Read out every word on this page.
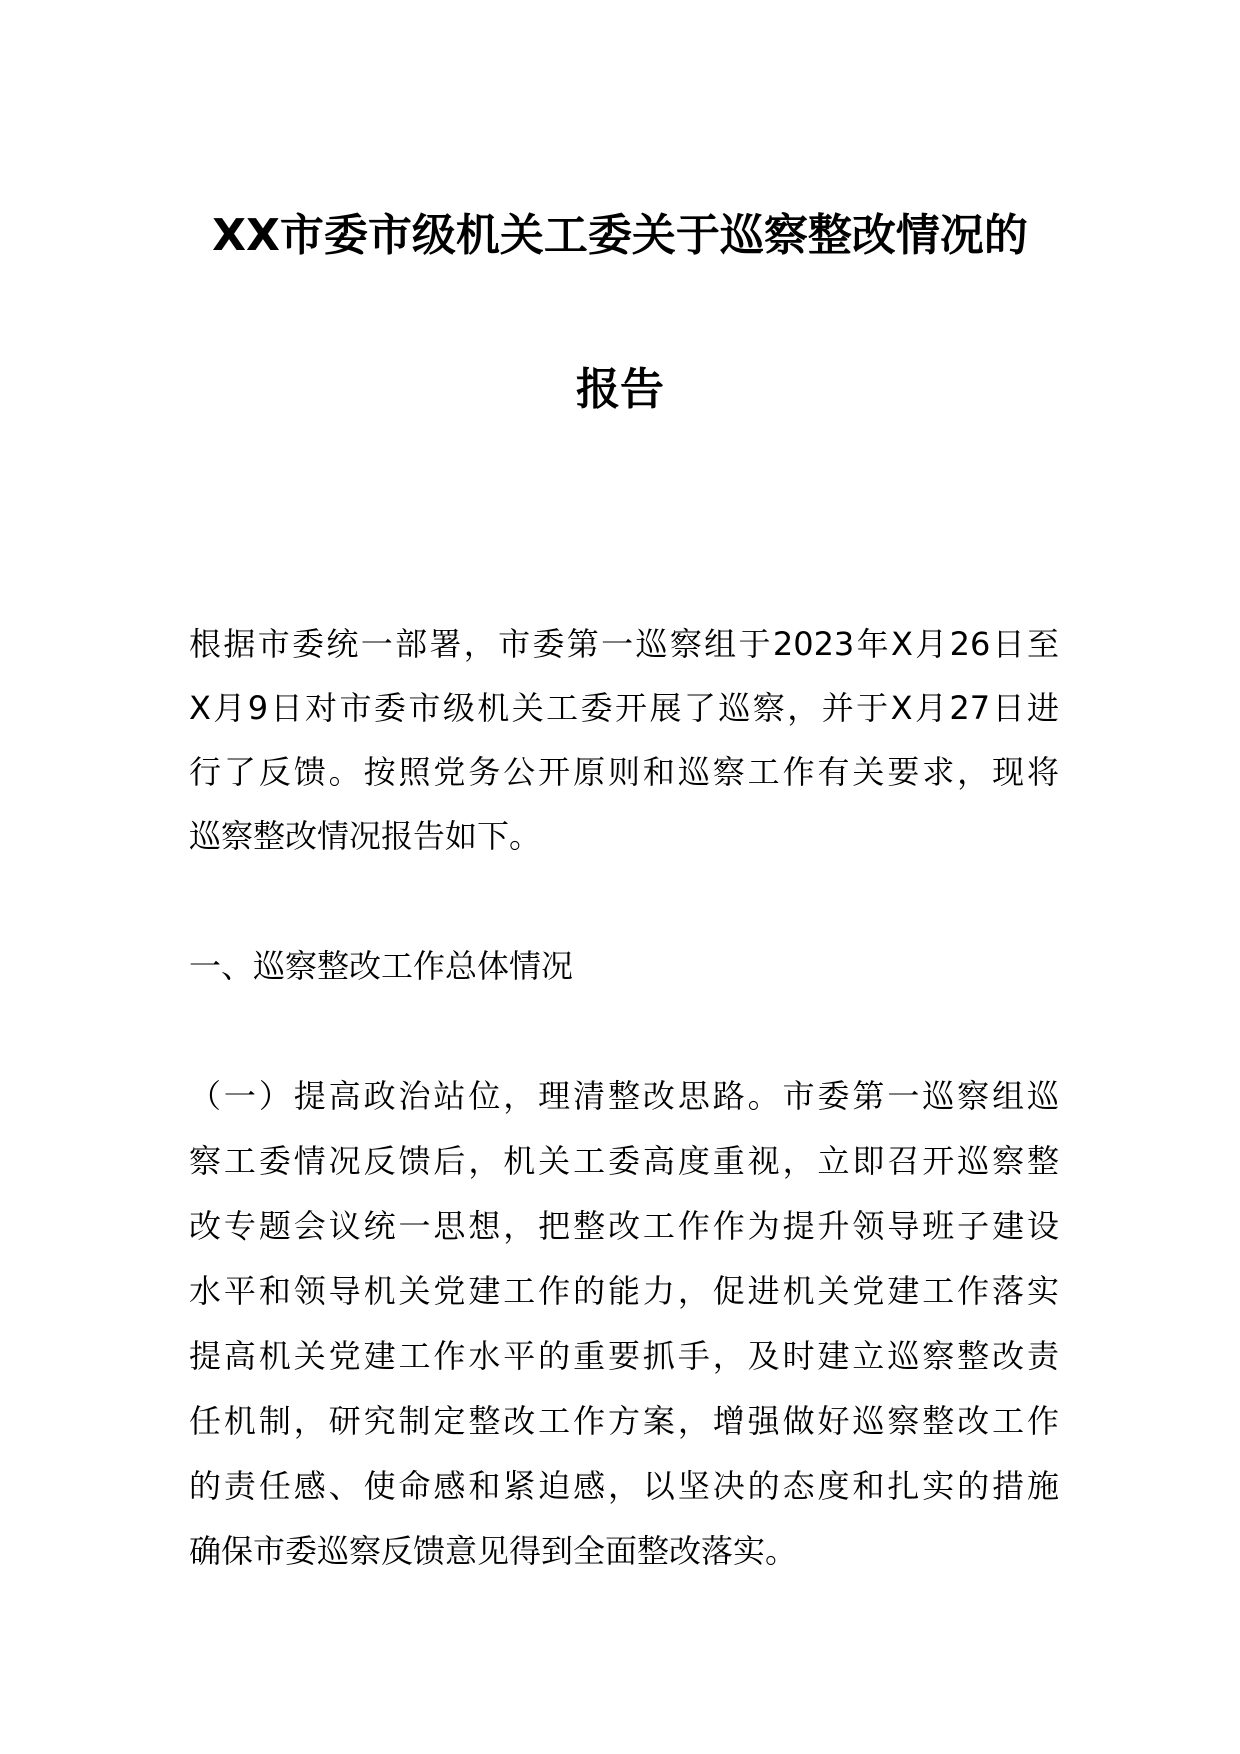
XX市委市级机关工委关于巡察整改情况的
报告
根据市委统一部署，市委第一巡察组于2023年X月26日至
X月9日对市委市级机关工委开展了巡察，并于X月27日进
行了反馈。按照党务公开原则和巡察工作有关要求，现将
巡察整改情况报告如下。
一、巡察整改工作总体情况
（一）提高政治站位，理清整改思路。市委第一巡察组巡
察工委情况反馈后，机关工委高度重视，立即召开巡察整
改专题会议统一思想，把整改工作作为提升领导班子建设
水平和领导机关党建工作的能力，促进机关党建工作落实
提高机关党建工作水平的重要抓手，及时建立巡察整改责
任机制，研究制定整改工作方案，增强做好巡察整改工作
的责任感、使命感和紧迫感，以坚决的态度和扎实的措施
确保市委巡察反馈意见得到全面整改落实。
